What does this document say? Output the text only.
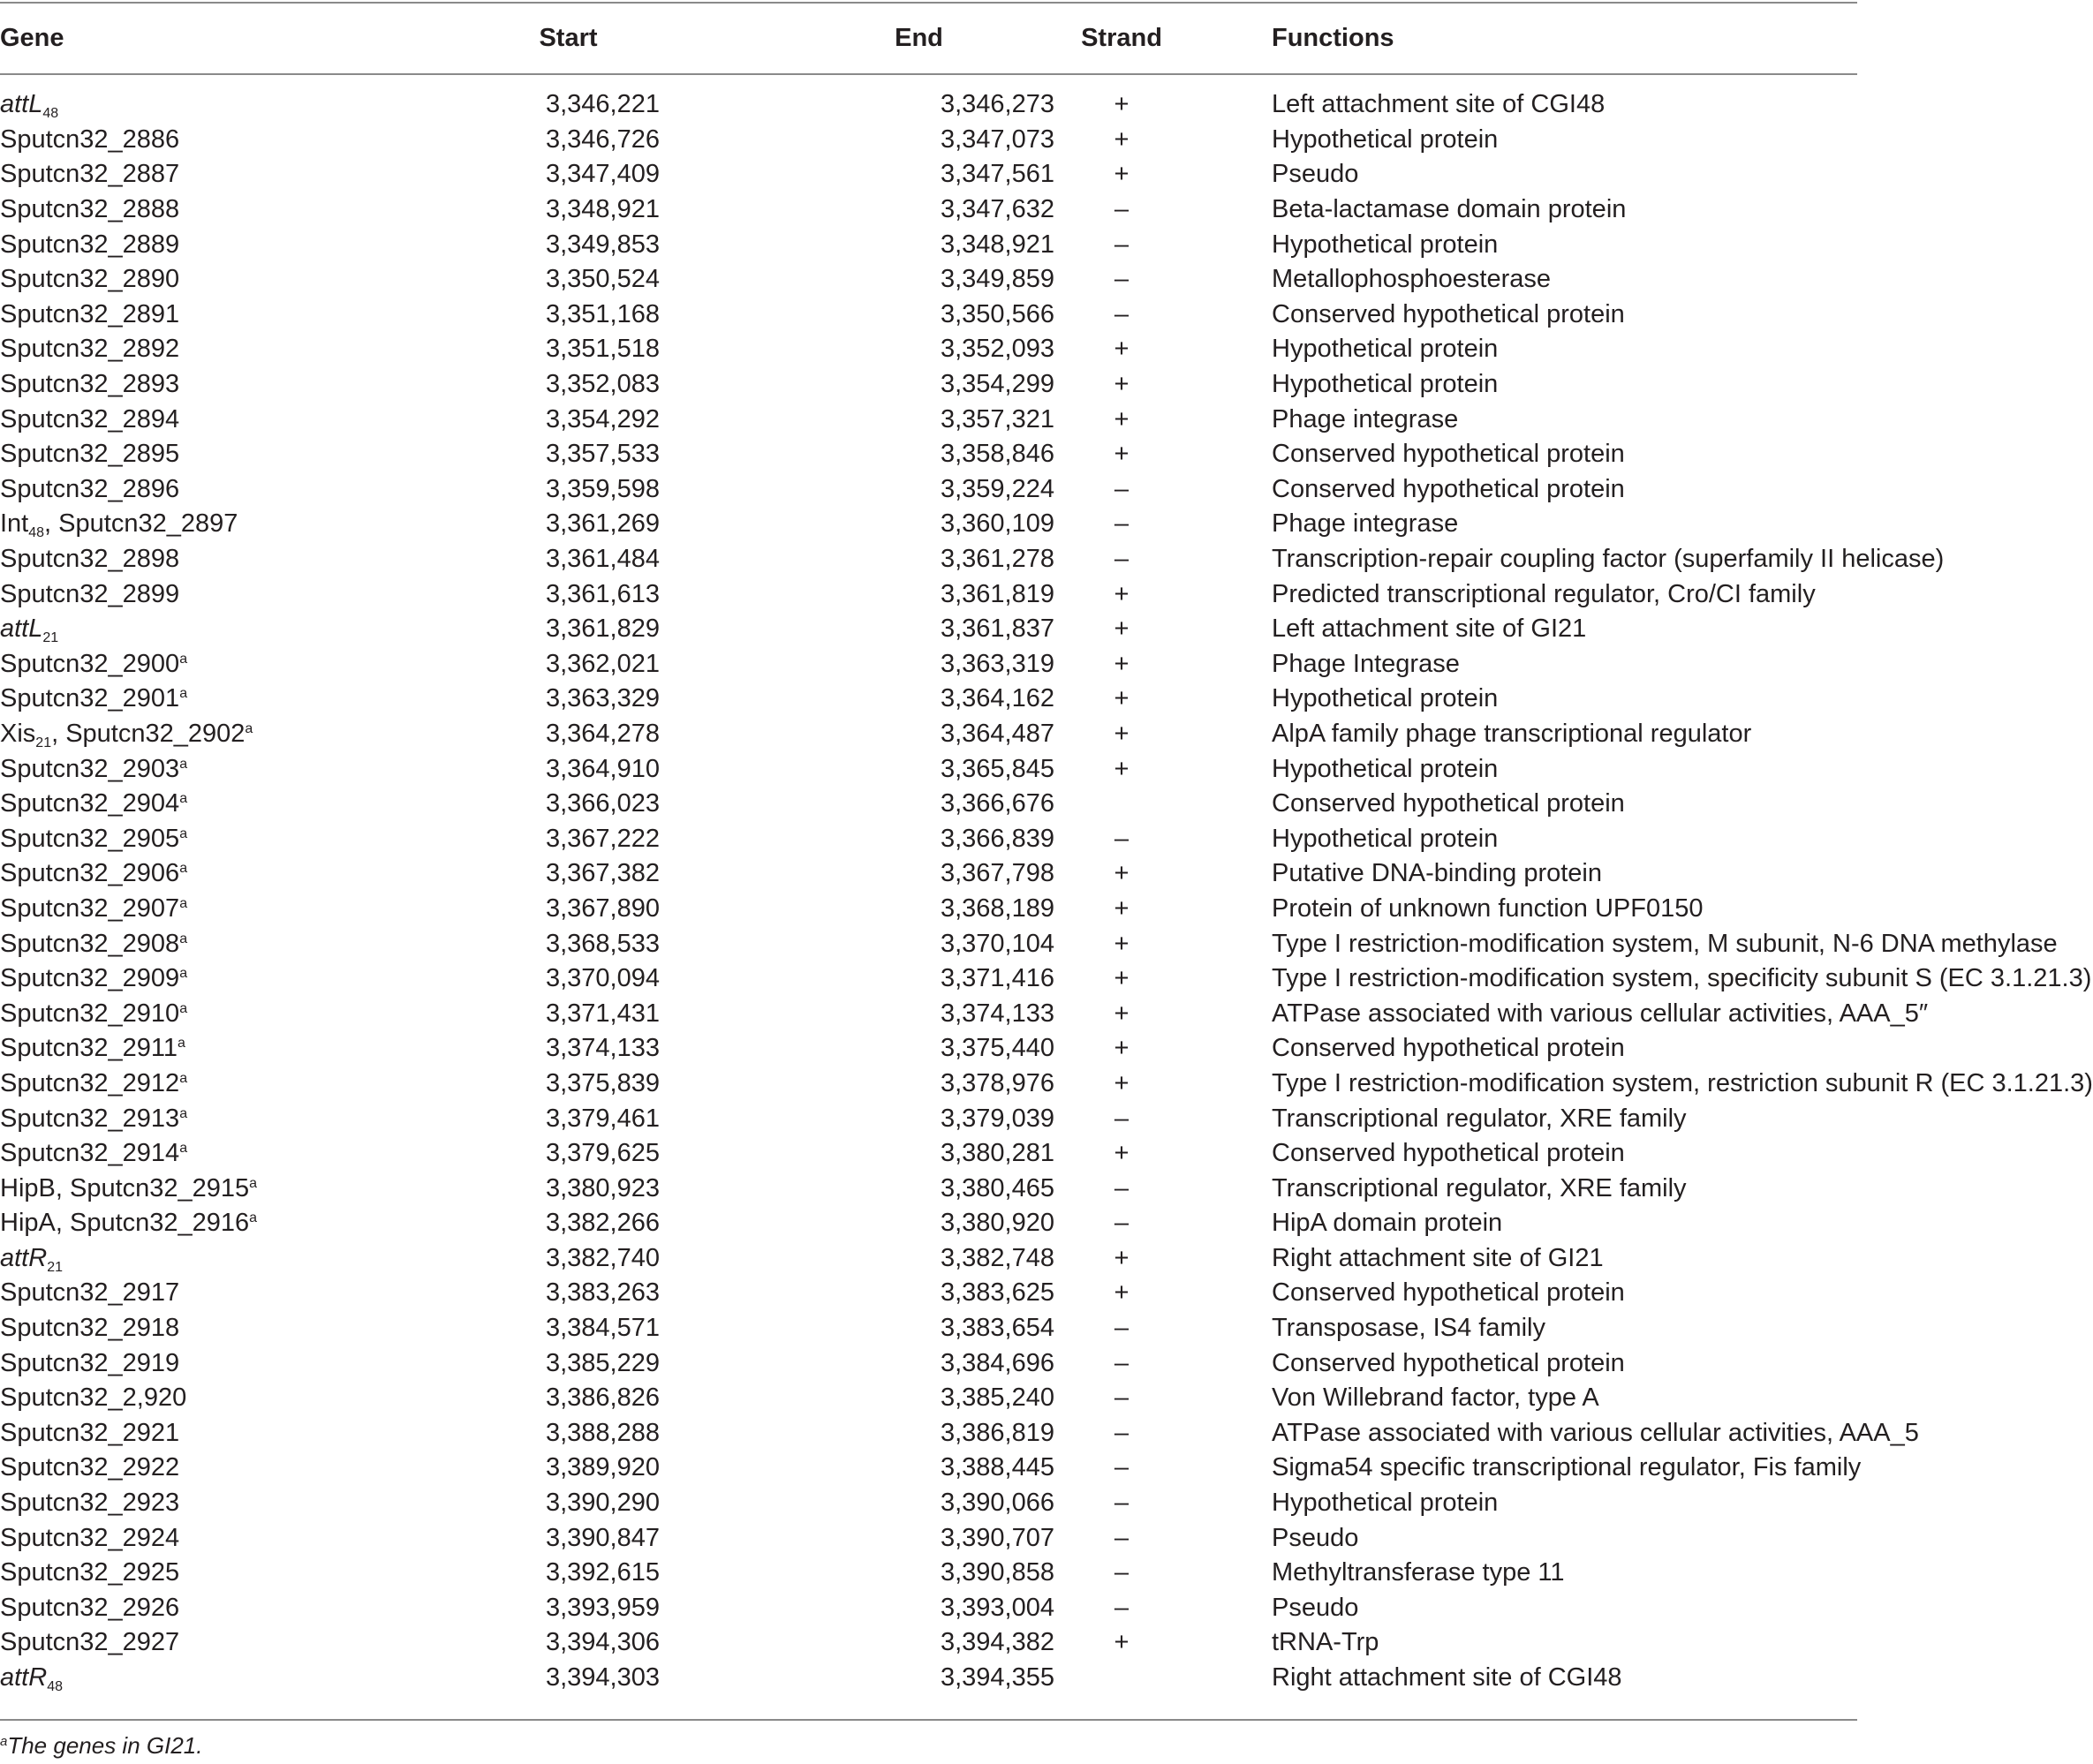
Gene	Start	End	Strand	Functions
attL$_{48}$	3,346,221	3,346,273	+	Left attachment site of CGI48
Sputcn32_2886	3,346,726	3,347,073	+	Hypothetical protein
Sputcn32_2887	3,347,409	3,347,561	+	Pseudo
Sputcn32_2888	3,348,921	3,347,632	–	Beta-lactamase domain protein
Sputcn32_2889	3,349,853	3,348,921	–	Hypothetical protein
Sputcn32_2890	3,350,524	3,349,859	–	Metallophosphoesterase
Sputcn32_2891	3,351,168	3,350,566	–	Conserved hypothetical protein
Sputcn32_2892	3,351,518	3,352,093	+	Hypothetical protein
Sputcn32_2893	3,352,083	3,354,299	+	Hypothetical protein
Sputcn32_2894	3,354,292	3,357,321	+	Phage integrase
Sputcn32_2895	3,357,533	3,358,846	+	Conserved hypothetical protein
Sputcn32_2896	3,359,598	3,359,224	–	Conserved hypothetical protein
Int$_{48}$, Sputcn32_2897	3,361,269	3,360,109	–	Phage integrase
Sputcn32_2898	3,361,484	3,361,278	–	Transcription-repair coupling factor (superfamily II helicase)
Sputcn32_2899	3,361,613	3,361,819	+	Predicted transcriptional regulator, Cro/CI family
attL$_{21}$	3,361,829	3,361,837	+	Left attachment site of GI21
Sputcn32_2900$^a$	3,362,021	3,363,319	+	Phage Integrase
Sputcn32_2901$^a$	3,363,329	3,364,162	+	Hypothetical protein
Xis$_{21}$, Sputcn32_2902$^a$	3,364,278	3,364,487	+	AlpA family phage transcriptional regulator
Sputcn32_2903$^a$	3,364,910	3,365,845	+	Hypothetical protein
Sputcn32_2904$^a$	3,366,023	3,366,676		Conserved hypothetical protein
Sputcn32_2905$^a$	3,367,222	3,366,839	–	Hypothetical protein
Sputcn32_2906$^a$	3,367,382	3,367,798	+	Putative DNA-binding protein
Sputcn32_2907$^a$	3,367,890	3,368,189	+	Protein of unknown function UPF0150
Sputcn32_2908$^a$	3,368,533	3,370,104	+	Type I restriction-modification system, M subunit, N-6 DNA methylase
Sputcn32_2909$^a$	3,370,094	3,371,416	+	Type I restriction-modification system, specificity subunit S (EC 3.1.21.3)
Sputcn32_2910$^a$	3,371,431	3,374,133	+	ATPase associated with various cellular activities, AAA_5″
Sputcn32_2911$^a$	3,374,133	3,375,440	+	Conserved hypothetical protein
Sputcn32_2912$^a$	3,375,839	3,378,976	+	Type I restriction-modification system, restriction subunit R (EC 3.1.21.3)
Sputcn32_2913$^a$	3,379,461	3,379,039	–	Transcriptional regulator, XRE family
Sputcn32_2914$^a$	3,379,625	3,380,281	+	Conserved hypothetical protein
HipB, Sputcn32_2915$^a$	3,380,923	3,380,465	–	Transcriptional regulator, XRE family
HipA, Sputcn32_2916$^a$	3,382,266	3,380,920	–	HipA domain protein
attR$_{21}$	3,382,740	3,382,748	+	Right attachment site of GI21
Sputcn32_2917	3,383,263	3,383,625	+	Conserved hypothetical protein
Sputcn32_2918	3,384,571	3,383,654	–	Transposase, IS4 family
Sputcn32_2919	3,385,229	3,384,696	–	Conserved hypothetical protein
Sputcn32_2,920	3,386,826	3,385,240	–	Von Willebrand factor, type A
Sputcn32_2921	3,388,288	3,386,819	–	ATPase associated with various cellular activities, AAA_5
Sputcn32_2922	3,389,920	3,388,445	–	Sigma54 specific transcriptional regulator, Fis family
Sputcn32_2923	3,390,290	3,390,066	–	Hypothetical protein
Sputcn32_2924	3,390,847	3,390,707	–	Pseudo
Sputcn32_2925	3,392,615	3,390,858	–	Methyltransferase type 11
Sputcn32_2926	3,393,959	3,393,004	–	Pseudo
Sputcn32_2927	3,394,306	3,394,382	+	tRNA-Trp
attR$_{48}$	3,394,303	3,394,355		Right attachment site of CGI48
$^a$The genes in GI21.
